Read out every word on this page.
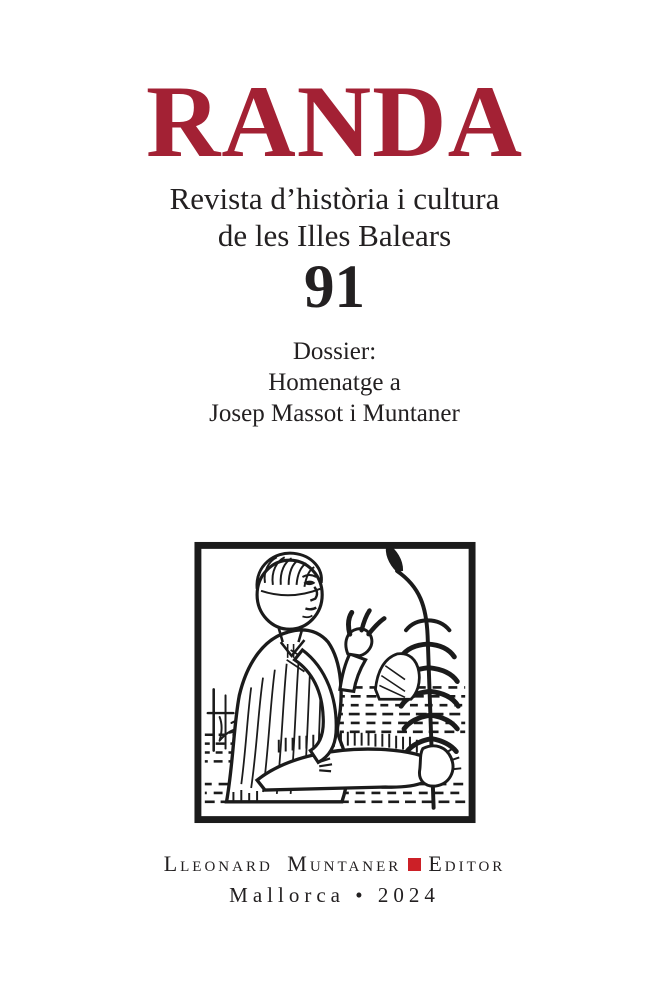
RANDA
Revista d’història i cultura
de les Illes Balears
91
Dossier:
Homenatge a
Josep Massot i Muntaner
Lleonard Muntaner Editor
Mallorca • 2024
